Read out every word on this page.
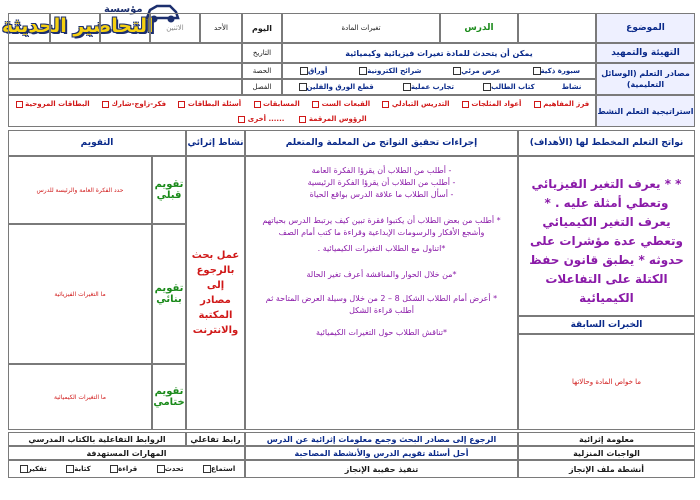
مؤسسة
التحاضير الحديثة	الموضوع
الدرس
تغيرات المادة
اليوم
الأحد
الاثنين
التهيئة والتمهيد
يمكن أن يتحدث للمادة تغيرات فيزيائية وكيميائية
التاريخ
مصادر التعلم (الوسائل التعليمية)
سبورة ذكية
عرض مرئي
شرائح الكترونية
أوراق
نشاط
كتاب الطالب
تجارب عملية
قطع الورق والفلين
الحصة
الفصل
استراتيجية التعلم النشط
فرز المفاهيم
أعواد المثلجات
التدريس التبادلي
القبعات الست
المسابقات
أسئلة البطاقات
فكر-زاوج-شارك
البطاقات المروحية
الرؤوس المرقمة
أخرى ......
نواتج التعلم المخطط لها (الأهداف)
إجراءات تحقيق النواتج من المعلمة والمتعلم
نشاط إثرائي
التقويم
* * يعرف التغير الفيزيائي وتعطي أمثلة عليه . * يعرف التغير الكيميائي وتعطي عدة مؤشرات على حدوثه * يطبق قانون حفظ الكتلة على التفاعلات الكيميائية
الخبرات السابقة
ما خواص المادة وحالاتها
- أطلب من الطلاب أن يقرؤا الفكرة العامة
- أطلب من الطلاب أن يقرؤا الفكرة الرئيسية
- أسأل الطلاب ما علاقة الدرس بواقع الحياة
* أطلب من بعض الطلاب أن يكتبوا فقرة تبين كيف يرتبط الدرس بحياتهم وأشجع الأفكار والرسومات الإبداعية وقراءة ما كتب أمام الصف
*اتناول مع الطلاب التغيرات الكيميائية .
*من خلال الحوار والمناقشة أعرف تغير الحالة
* أعرض أمام الطلاب الشكل 8 – 2 من خلال وسيلة العرض المتاحة ثم أطلب قراءة الشكل
*تناقش الطلاب حول التغيرات الكيميائية
عمل بحث بالرجوع إلى مصادر المكتبة والانترنت
تقويم قبلي
حدد الفكرة العامة والرئيسة للدرس
تقويم بنائي
ما التغيرات الفيزيائية
تقويم ختامي
ما التغيرات الكيميائية
معلومة إثرائية
الرجوع إلى مصادر البحث وجمع معلومات إثرائية عن الدرس
رابط تفاعلي
الروابط التفاعلية بالكتاب المدرسي
الواجبات المنزلية
أحل أسئلة تقويم الدرس والأنشطة المصاحبة
المهارات المستهدفة
أنشطة ملف الإنجاز
تنفيذ حقيبة الإنجاز
استماع
تحدث
قراءة
كتابة
تفكير
